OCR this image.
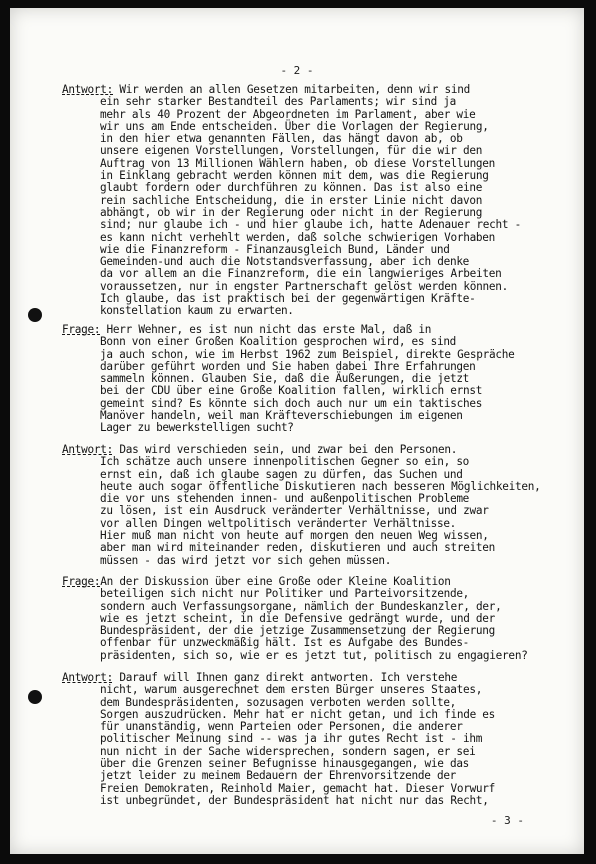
- 2 -
Antwort: Wir werden an allen Gesetzen mitarbeiten, denn wir sind
ein sehr starker Bestandteil des Parlaments; wir sind ja
mehr als 40 Prozent der Abgeordneten im Parlament, aber wie
wir uns am Ende entscheiden. Über die Vorlagen der Regierung,
in den hier etwa genannten Fällen, das hängt davon ab, ob
unsere eigenen Vorstellungen, Vorstellungen, für die wir den
Auftrag von 13 Millionen Wählern haben, ob diese Vorstellungen
in Einklang gebracht werden können mit dem, was die Regierung
glaubt fordern oder durchführen zu können. Das ist also eine
rein sachliche Entscheidung, die in erster Linie nicht davon
abhängt, ob wir in der Regierung oder nicht in der Regierung
sind; nur glaube ich - und hier glaube ich, hatte Adenauer recht -
es kann nicht verhehlt werden, daß solche schwierigen Vorhaben
wie die Finanzreform - Finanzausgleich Bund, Länder und
Gemeinden-und auch die Notstandsverfassung, aber ich denke
da vor allem an die Finanzreform, die ein langwieriges Arbeiten
voraussetzen, nur in engster Partnerschaft gelöst werden können.
Ich glaube, das ist praktisch bei der gegenwärtigen Kräfte-
konstellation kaum zu erwarten.
Frage: Herr Wehner, es ist nun nicht das erste Mal, daß in
Bonn von einer Großen Koalition gesprochen wird, es sind
ja auch schon, wie im Herbst 1962 zum Beispiel, direkte Gespräche
darüber geführt worden und Sie haben dabei Ihre Erfahrungen
sammeln können. Glauben Sie, daß die Äußerungen, die jetzt
bei der CDU über eine Große Koalition fallen, wirklich ernst
gemeint sind? Es könnte sich doch auch nur um ein taktisches
Manöver handeln, weil man Kräfteverschiebungen im eigenen
Lager zu bewerkstelligen sucht?
Antwort: Das wird verschieden sein, und zwar bei den Personen.
Ich schätze auch unsere innenpolitischen Gegner so ein, so
ernst ein, daß ich glaube sagen zu dürfen, das Suchen und
heute auch sogar öffentliche Diskutieren nach besseren Möglichkeiten,
die vor uns stehenden innen- und außenpolitischen Probleme
zu lösen, ist ein Ausdruck veränderter Verhältnisse, und zwar
vor allen Dingen weltpolitisch veränderter Verhältnisse.
Hier muß man nicht von heute auf morgen den neuen Weg wissen,
aber man wird miteinander reden, diskutieren und auch streiten
müssen - das wird jetzt vor sich gehen müssen.
Frage:An der Diskussion über eine Große oder Kleine Koalition
beteiligen sich nicht nur Politiker und Parteivorsitzende,
sondern auch Verfassungsorgane, nämlich der Bundeskanzler, der,
wie es jetzt scheint, in die Defensive gedrängt wurde, und der
Bundespräsident, der die jetzige Zusammensetzung der Regierung
offenbar für unzweckmäßig hält. Ist es Aufgabe des Bundes-
präsidenten, sich so, wie er es jetzt tut, politisch zu engagieren?
Antwort: Darauf will Ihnen ganz direkt antworten. Ich verstehe
nicht, warum ausgerechnet dem ersten Bürger unseres Staates,
dem Bundespräsidenten, sozusagen verboten werden sollte,
Sorgen auszudrücken. Mehr hat er nicht getan, und ich finde es
für unanständig, wenn Parteien oder Personen, die anderer
politischer Meinung sind -- was ja ihr gutes Recht ist - ihm
nun nicht in der Sache widersprechen, sondern sagen, er sei
über die Grenzen seiner Befugnisse hinausgegangen, wie das
jetzt leider zu meinem Bedauern der Ehrenvorsitzende der
Freien Demokraten, Reinhold Maier, gemacht hat. Dieser Vorwurf
ist unbegründet, der Bundespräsident hat nicht nur das Recht,
- 3 -
